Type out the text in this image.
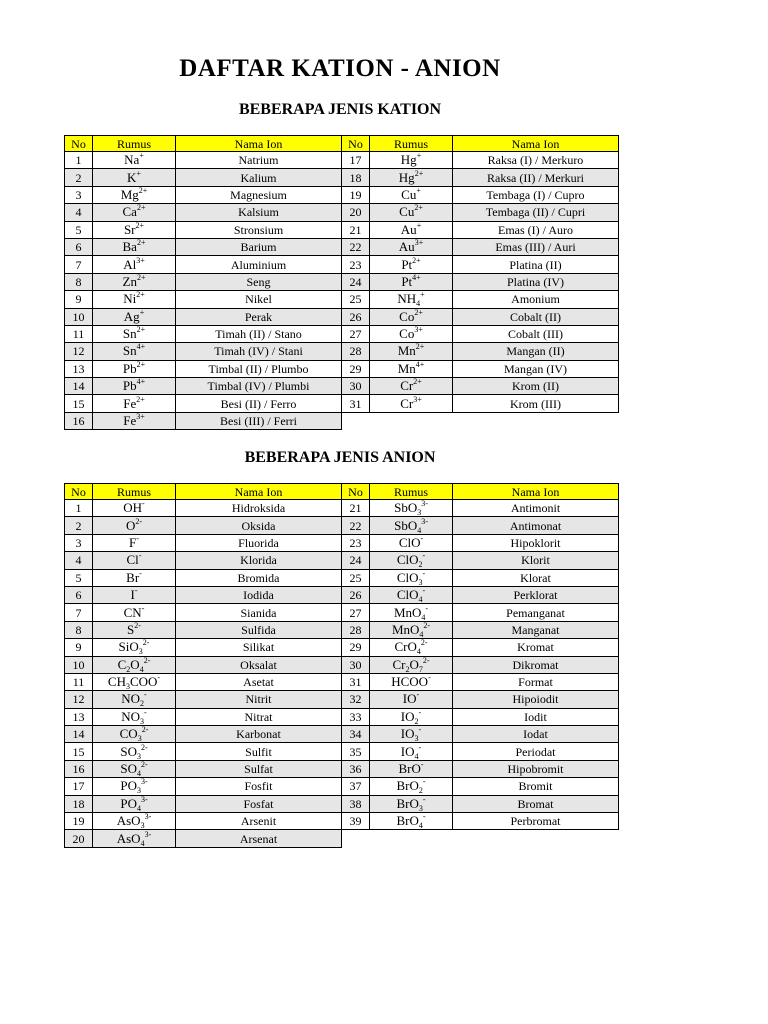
DAFTAR KATION - ANION
BEBERAPA JENIS KATION
No	Rumus	Nama Ion	No	Rumus	Nama Ion
1	Na+	Natrium	17	Hg+	Raksa (I) / Merkuro
2	K+	Kalium	18	$Hg^{2+}$	Raksa (II) / Merkuri
3	$Mg^{2+}$	Magnesium	19	Cu+	Tembaga (I) / Cupro
4	$Ca^{2+}$	Kalsium	20	$Cu^{2+}$	Tembaga (II) / Cupri
5	$Sr^{2+}$	Stronsium	21	Au+	Emas (I) / Auro
6	$Ba^{2+}$	Barium	22	$Au^{3+}$	Emas (III) / Auri
7	$Al^{3+}$	Aluminium	23	$Pt^{2+}$	Platina (II)
8	$Zn^{2+}$	Seng	24	$Pt^{4+}$	Platina (IV)
9	$Ni^{2+}$	Nikel	25	$NH_4^+$	Amonium
10	Ag+	Perak	26	$Co^{2+}$	Cobalt (II)
11	$Sn^{2+}$	Timah (II) / Stano	27	$Co^{3+}$	Cobalt (III)
12	$Sn^{4+}$	Timah (IV) / Stani	28	$Mn^{2+}$	Mangan (II)
13	$Pb^{2+}$	Timbal (II) / Plumbo	29	$Mn^{4+}$	Mangan (IV)
14	$Pb^{4+}$	Timbal (IV) / Plumbi	30	$Cr^{2+}$	Krom (II)
15	$Fe^{2+}$	Besi (II) / Ferro	31	$Cr^{3+}$	Krom (III)
16	$Fe^{3+}$	Besi (III) / Ferri			
BEBERAPA JENIS ANION
No	Rumus	Nama Ion	No	Rumus	Nama Ion
1	OH-	Hidroksida	21	SbO$_3^{3-}$	Antimonit
2	$O^{2-}$	Oksida	22	SbO$_4^{3-}$	Antimonat
3	F-	Fluorida	23	ClO-	Hipoklorit
4	Cl-	Klorida	24	ClO$_2$-	Klorit
5	Br-	Bromida	25	ClO$_3$-	Klorat
6	I-	Iodida	26	ClO$_4$-	Perklorat
7	CN-	Sianida	27	MnO$_4$-	Pemanganat
8	$S^{2-}$	Sulfida	28	MnO$_4^{2-}$	Manganat
9	SiO$_3^{2-}$	Silikat	29	CrO$_4^{2-}$	Kromat
10	$C_2O_4^{2-}$	Oksalat	30	$Cr_2O_7^{2-}$	Dikromat
11	$CH_3COO^-$	Asetat	31	HCOO-	Format
12	$NO_2^-$	Nitrit	32	IO-	Hipoiodit
13	$NO_3^-$	Nitrat	33	$IO_2^-$	Iodit
14	$CO_3^{2-}$	Karbonat	34	$IO_3^-$	Iodat
15	$SO_3^{2-}$	Sulfit	35	$IO_4^-$	Periodat
16	$SO_4^{2-}$	Sulfat	36	BrO-	Hipobromit
17	$PO_3^{3-}$	Fosfit	37	BrO$_2$-	Bromit
18	$PO_4^{3-}$	Fosfat	38	BrO$_3$-	Bromat
19	AsO$_3^{3-}$	Arsenit	39	BrO$_4$-	Perbromat
20	AsO$_4^{3-}$	Arsenat			
